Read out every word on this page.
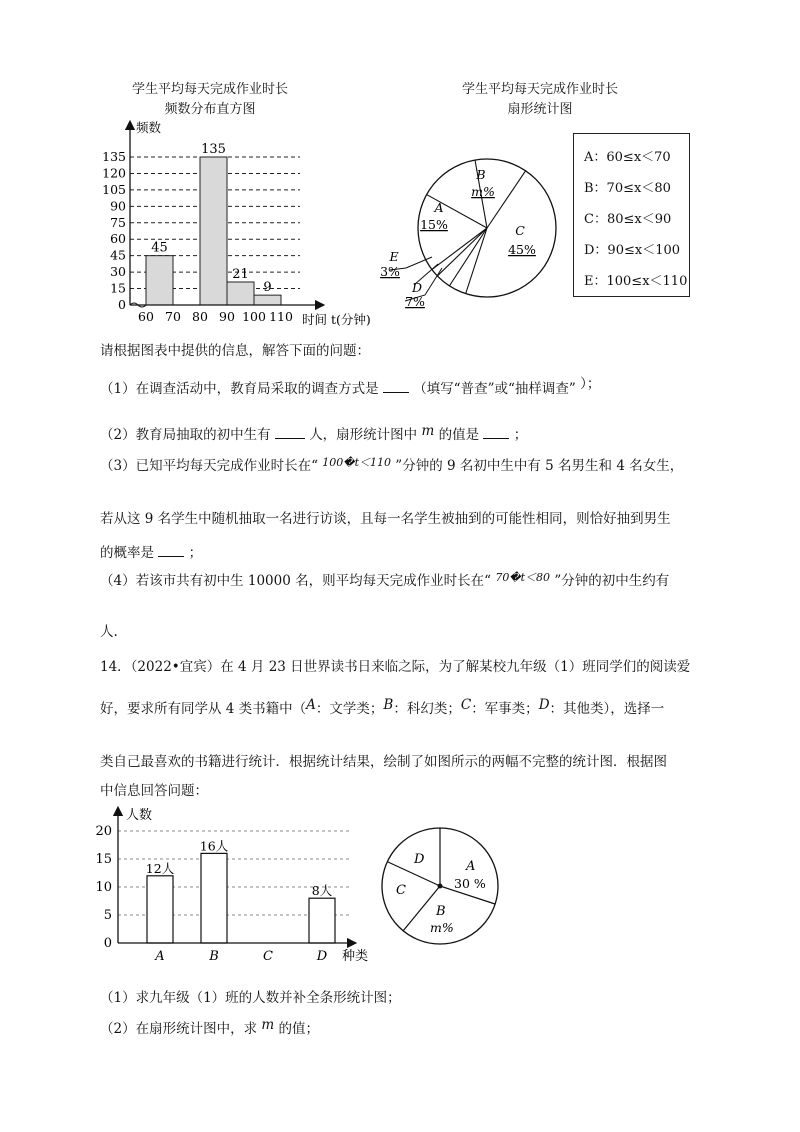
学生平均每天完成作业时长
频数分布直方图
45
135
21
9
0
15
30
45
60
75
90
105
120
135
60 70 80 90 100 110
频数
时间 t(分钟)
学生平均每天完成作业时长
扇形统计图
A
15%
B
m%
C
45%
D
7%
E
3%
A：60≤x＜70
B：70≤x＜80
C：80≤x＜90
D：90≤x＜100
E：100≤x＜110
请根据图表中提供的信息，解答下面的问题：
（1）在调查活动中，教育局采取的调查方式是	（填写“普查”或“抽样调查” ）；
（2）教育局抽取的初中生有	人，扇形统计图中 m 的值是	；
（3）已知平均每天完成作业时长在“ $^{100�t<110}$ ”分钟的 9 名初中生中有 5 名男生和 4 名女生，
若从这 9 名学生中随机抽取一名进行访谈，且每一名学生被抽到的可能性相同，则恰好抽到男生
的概率是	；
（4）若该市共有初中生 10000 名，则平均每天完成作业时长在“ $^{70�t<80}$ ”分钟的初中生约有
人.
14．（2022•宜宾）在 4 月 23 日世界读书日来临之际，为了解某校九年级（1）班同学们的阅读爱
好，要求所有同学从 4 类书籍中（A：文学类；B：科幻类；C：军事类；D：其他类），选择一
类自己最喜欢的书籍进行统计．根据统计结果，绘制了如图所示的两幅不完整的统计图．根据图
中信息回答问题：
12人
16人
8人
0
5
10
15
20
A	B	C	D
人数
种类
A
30 %
B
m%
C
D
（1）求九年级（1）班的人数并补全条形统计图；
（2）在扇形统计图中，求 m 的值；
